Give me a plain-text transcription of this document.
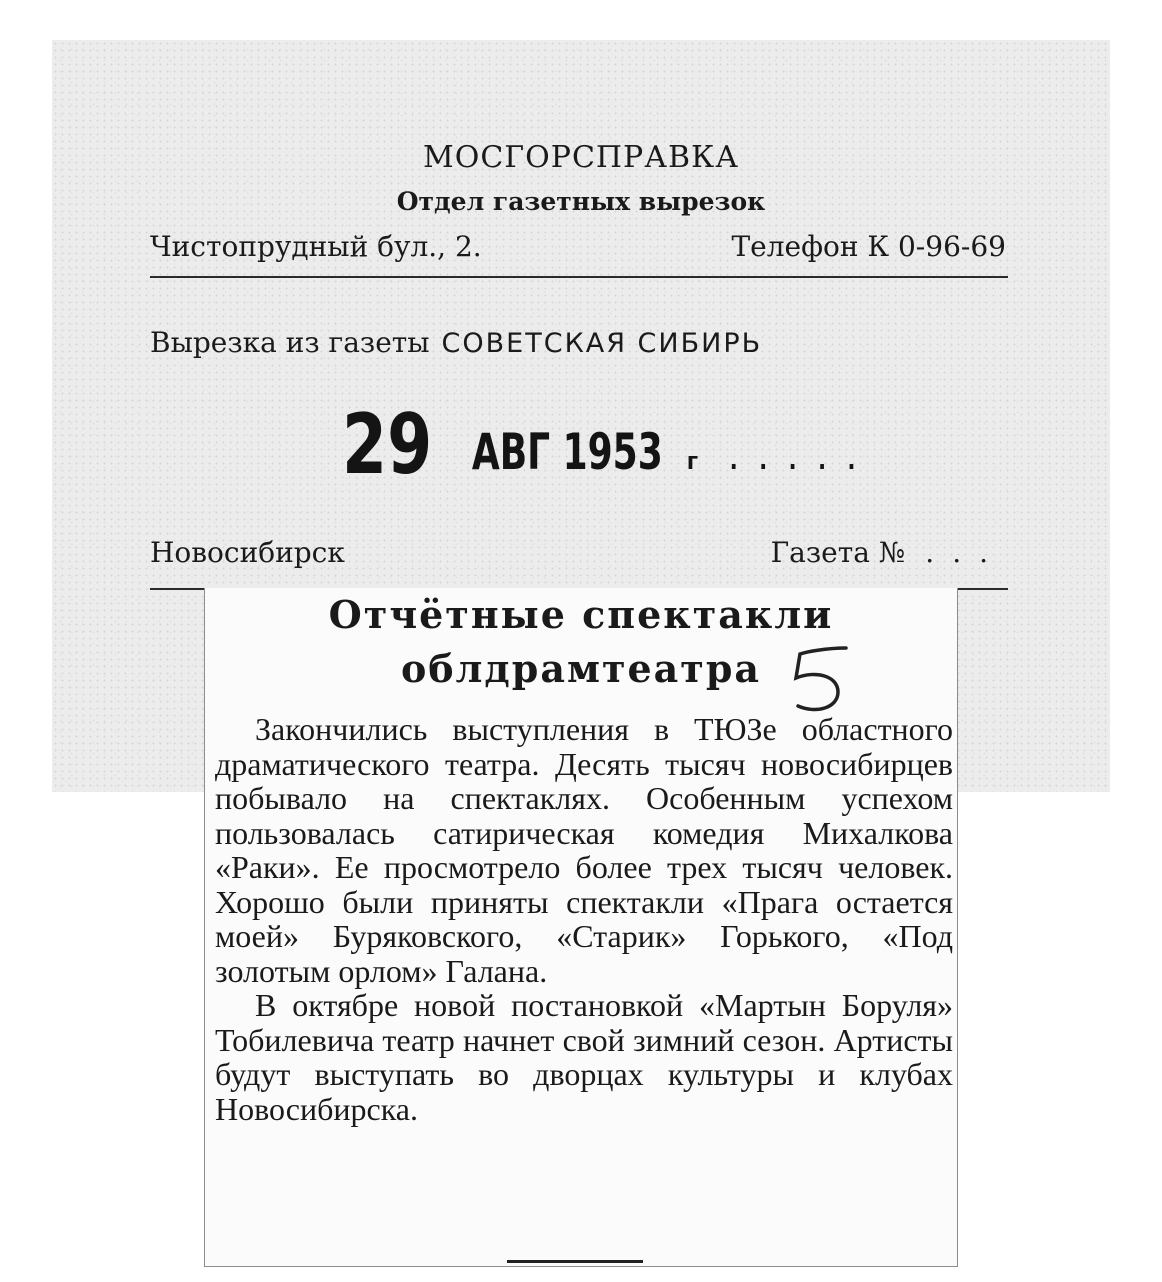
МОСГОРСПРАВКА
Отдел газетных вырезок
Чистопрудный бул., 2.	Телефон К 0-96-69
Вырезка из газеты СОВЕТСКАЯ СИБИРЬ
29 АВГ 1953 г .....
Новосибирск	Газета № ...
Отчётные спектакли
облдрамтеатра

Закончились выступления в ТЮЗе областного драматического театра. Десять тысяч новосибирцев побывало на спектаклях. Особенным успехом пользовалась сатирическая комедия Михалкова «Раки». Ее просмотрело более трех тысяч человек. Хорошо были приняты спектакли «Прага остается моей» Буряковского, «Старик» Горького, «Под золотым орлом» Галана.

В октябре новой постановкой «Мартын Боруля» Тобилевича театр начнет свой зимний сезон. Артисты будут выступать во дворцах культуры и клубах Новосибирска.
